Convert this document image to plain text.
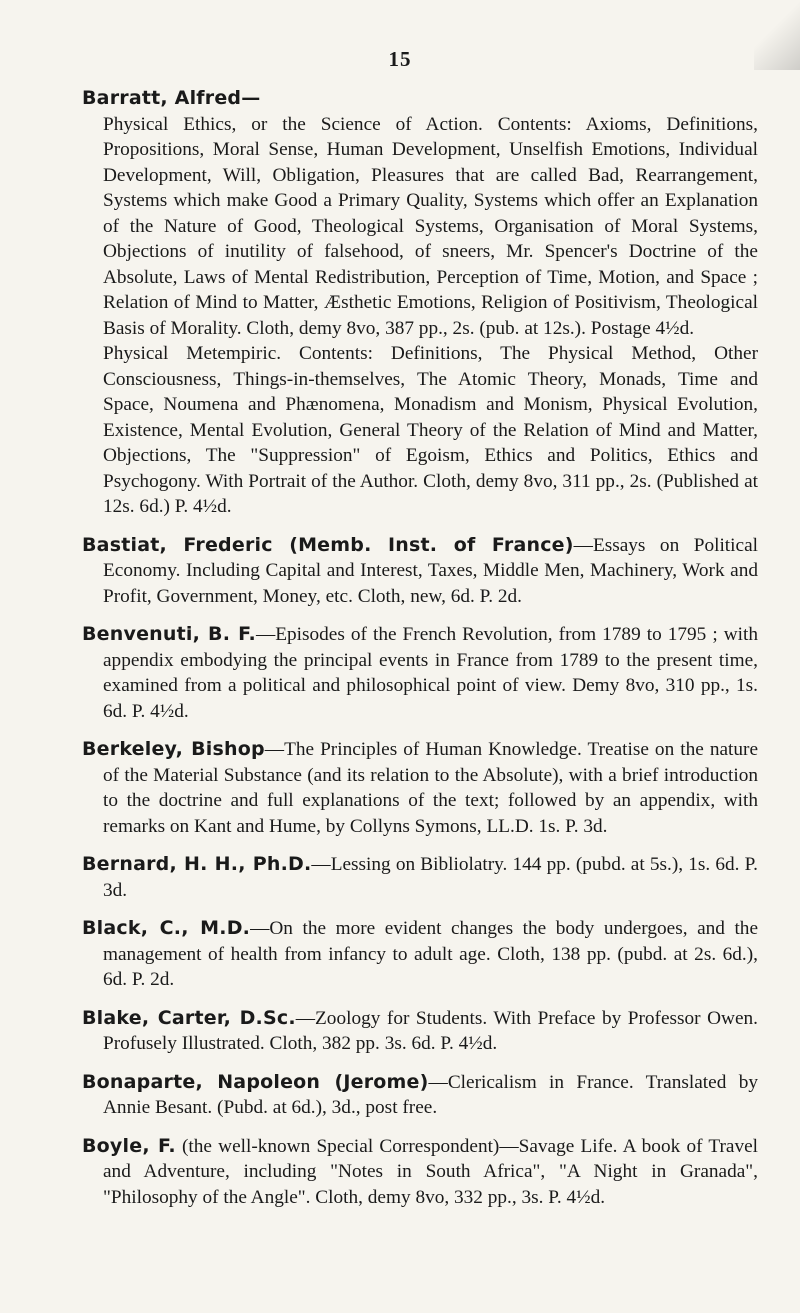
15
Barratt, Alfred—
Physical Ethics, or the Science of Action. Contents: Axioms, Definitions, Propositions, Moral Sense, Human Development, Unselfish Emotions, Individual Development, Will, Obligation, Pleasures that are called Bad, Rearrangement, Systems which make Good a Primary Quality, Systems which offer an Explanation of the Nature of Good, Theological Systems, Organisation of Moral Systems, Objections of inutility of falsehood, of sneers, Mr. Spencer's Doctrine of the Absolute, Laws of Mental Redistribution, Perception of Time, Motion, and Space ; Relation of Mind to Matter, Æsthetic Emotions, Religion of Positivism, Theological Basis of Morality. Cloth, demy 8vo, 387 pp., 2s. (pub. at 12s.). Postage 4½d.
Physical Metempiric. Contents: Definitions, The Physical Method, Other Consciousness, Things-in-themselves, The Atomic Theory, Monads, Time and Space, Noumena and Phænomena, Monadism and Monism, Physical Evolution, Existence, Mental Evolution, General Theory of the Relation of Mind and Matter, Objections, The "Suppression" of Egoism, Ethics and Politics, Ethics and Psychogony. With Portrait of the Author. Cloth, demy 8vo, 311 pp., 2s. (Published at 12s. 6d.) P. 4½d.
Bastiat, Frederic (Memb. Inst. of France)—Essays on Political Economy. Including Capital and Interest, Taxes, Middle Men, Machinery, Work and Profit, Government, Money, etc. Cloth, new, 6d. P. 2d.
Benvenuti, B. F.—Episodes of the French Revolution, from 1789 to 1795 ; with appendix embodying the principal events in France from 1789 to the present time, examined from a political and philosophical point of view. Demy 8vo, 310 pp., 1s. 6d. P. 4½d.
Berkeley, Bishop—The Principles of Human Knowledge. Treatise on the nature of the Material Substance (and its relation to the Absolute), with a brief introduction to the doctrine and full explanations of the text; followed by an appendix, with remarks on Kant and Hume, by Collyns Symons, LL.D. 1s. P. 3d.
Bernard, H. H., Ph.D.—Lessing on Bibliolatry. 144 pp. (pubd. at 5s.), 1s. 6d. P. 3d.
Black, C., M.D.—On the more evident changes the body undergoes, and the management of health from infancy to adult age. Cloth, 138 pp. (pubd. at 2s. 6d.), 6d. P. 2d.
Blake, Carter, D.Sc.—Zoology for Students. With Preface by Professor Owen. Profusely Illustrated. Cloth, 382 pp. 3s. 6d. P. 4½d.
Bonaparte, Napoleon (Jerome)—Clericalism in France. Translated by Annie Besant. (Pubd. at 6d.), 3d., post free.
Boyle, F. (the well-known Special Correspondent)—Savage Life. A book of Travel and Adventure, including "Notes in South Africa", "A Night in Granada", "Philosophy of the Angle". Cloth, demy 8vo, 332 pp., 3s. P. 4½d.
